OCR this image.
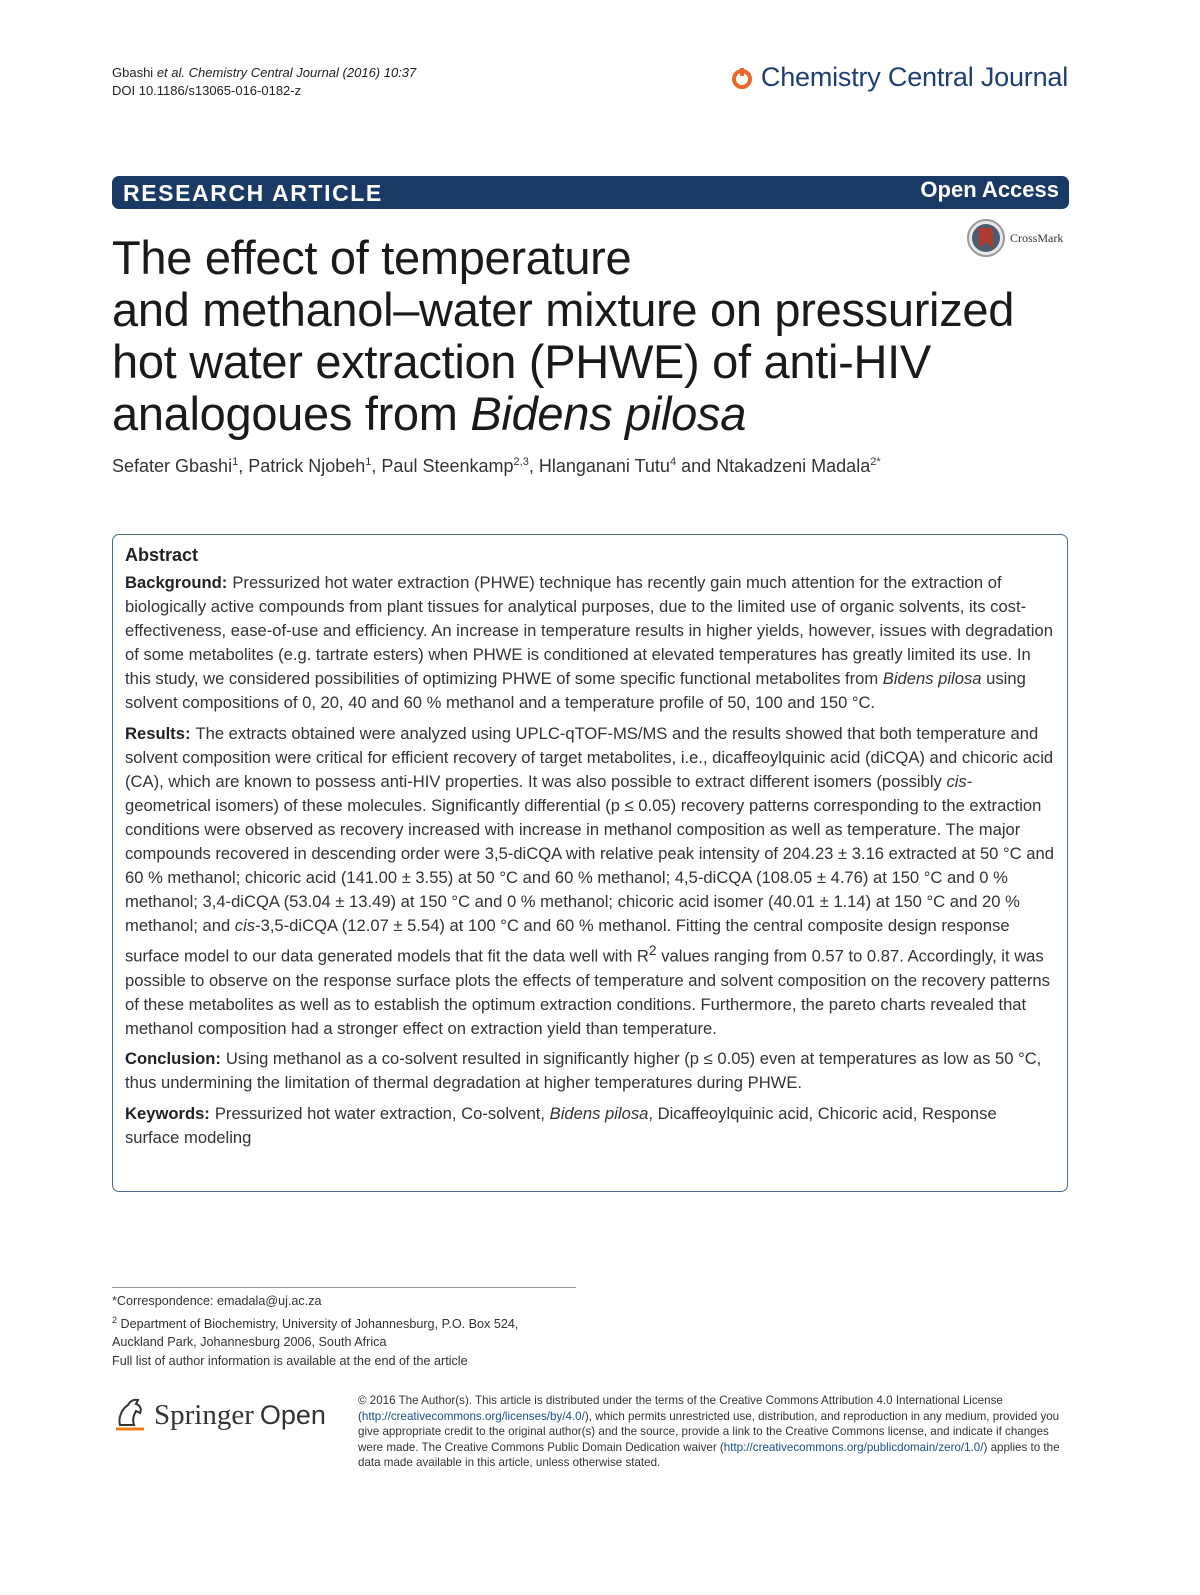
Gbashi et al. Chemistry Central Journal (2016) 10:37
DOI 10.1186/s13065-016-0182-z	Chemistry Central Journal
RESEARCH ARTICLE	Open Access
CrossMark
The effect of temperature
and methanol–water mixture on pressurized
hot water extraction (PHWE) of anti-HIV
analogoues from Bidens pilosa
Sefater Gbashi$^1$, Patrick Njobeh$^1$, Paul Steenkamp$^{2,3}$, Hlanganani Tutu$^4$ and Ntakadzeni Madala$^{2*}$
Abstract

Background: Pressurized hot water extraction (PHWE) technique has recently gain much attention for the extraction of biologically active compounds from plant tissues for analytical purposes, due to the limited use of organic solvents, its cost-effectiveness, ease-of-use and efficiency. An increase in temperature results in higher yields, however, issues with degradation of some metabolites (e.g. tartrate esters) when PHWE is conditioned at elevated temperatures has greatly limited its use. In this study, we considered possibilities of optimizing PHWE of some specific functional metabolites from Bidens pilosa using solvent compositions of 0, 20, 40 and 60 % methanol and a temperature profile of 50, 100 and 150 °C.

Results: The extracts obtained were analyzed using UPLC-qTOF-MS/MS and the results showed that both temperature and solvent composition were critical for efficient recovery of target metabolites, i.e., dicaffeoylquinic acid (diCQA) and chicoric acid (CA), which are known to possess anti-HIV properties. It was also possible to extract different isomers (possibly cis-geometrical isomers) of these molecules. Significantly differential (p ≤ 0.05) recovery patterns corresponding to the extraction conditions were observed as recovery increased with increase in methanol composition as well as temperature. The major compounds recovered in descending order were 3,5-diCQA with relative peak intensity of 204.23 ± 3.16 extracted at 50 °C and 60 % methanol; chicoric acid (141.00 ± 3.55) at 50 °C and 60 % methanol; 4,5-diCQA (108.05 ± 4.76) at 150 °C and 0 % methanol; 3,4-diCQA (53.04 ± 13.49) at 150 °C and 0 % methanol; chicoric acid isomer (40.01 ± 1.14) at 150 °C and 20 % methanol; and cis-3,5-diCQA (12.07 ± 5.54) at 100 °C and 60 % methanol. Fitting the central composite design response surface model to our data generated models that fit the data well with $R^2$ values ranging from 0.57 to 0.87. Accordingly, it was possible to observe on the response surface plots the effects of temperature and solvent composition on the recovery patterns of these metabolites as well as to establish the optimum extraction conditions. Furthermore, the pareto charts revealed that methanol composition had a stronger effect on extraction yield than temperature.

Conclusion: Using methanol as a co-solvent resulted in significantly higher (p ≤ 0.05) even at temperatures as low as 50 °C, thus undermining the limitation of thermal degradation at higher temperatures during PHWE.

Keywords: Pressurized hot water extraction, Co-solvent, Bidens pilosa, Dicaffeoylquinic acid, Chicoric acid, Response surface modeling

*Correspondence: emadala@uj.ac.za
$^2$ Department of Biochemistry, University of Johannesburg, P.O. Box 524,
Auckland Park, Johannesburg 2006, South Africa
Full list of author information is available at the end of the article
Springer Open	© 2016 The Author(s). This article is distributed under the terms of the Creative Commons Attribution 4.0 International License (http://creativecommons.org/licenses/by/4.0/), which permits unrestricted use, distribution, and reproduction in any medium, provided you give appropriate credit to the original author(s) and the source, provide a link to the Creative Commons license, and indicate if changes were made. The Creative Commons Public Domain Dedication waiver (http://creativecommons.org/publicdomain/zero/1.0/) applies to the data made available in this article, unless otherwise stated.
